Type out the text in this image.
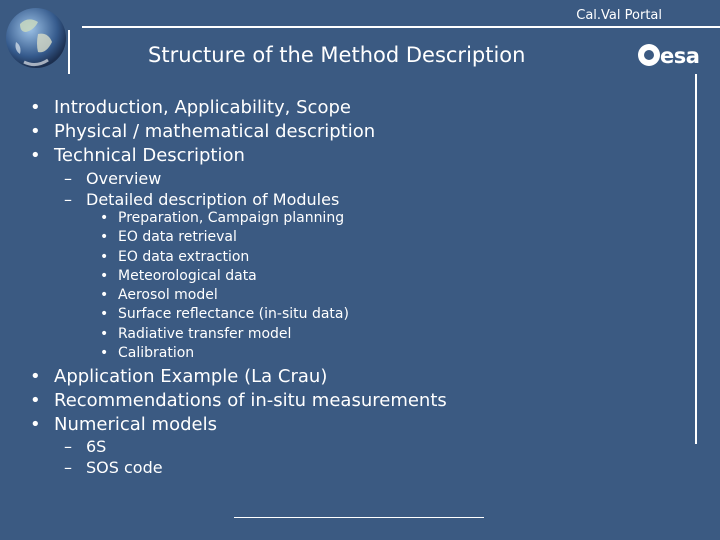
Cal.Val Portal
Structure of the Method Description	esa
• Introduction, Applicability, Scope
• Physical / mathematical description
• Technical Description
– Overview
– Detailed description of Modules
• Preparation, Campaign planning
• EO data retrieval
• EO data extraction
• Meteorological data
• Aerosol model
• Surface reflectance (in-situ data)
• Radiative transfer model
• Calibration
• Application Example (La Crau)
• Recommendations of in-situ measurements
• Numerical models
– 6S
– SOS code
